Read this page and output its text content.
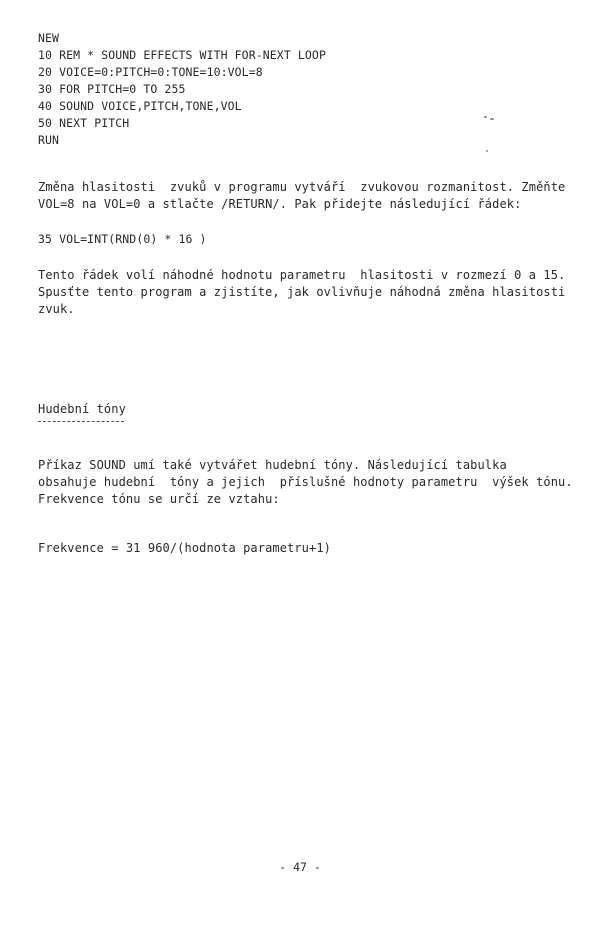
NEW
10 REM * SOUND EFFECTS WITH FOR-NEXT LOOP
20 VOICE=0:PITCH=0:TONE=10:VOL=8
30 FOR PITCH=0 TO 255
40 SOUND VOICE,PITCH,TONE,VOL
50 NEXT PITCH
RUN
Změna hlasitosti  zvuků v programu vytváří  zvukovou rozmanitost. Změňte
VOL=8 na VOL=0 a stlačte /RETURN/. Pak přidejte následující řádek:
35 VOL=INT(RND(0) * 16 )
Tento řádek volí náhodné hodnotu parametru  hlasitosti v rozmezí 0 a 15.
Spusťte tento program a zjistíte, jak ovlivňuje náhodná změna hlasitosti
zvuk.
Hudební tóny
Příkaz SOUND umí také vytvářet hudební tóny. Následující tabulka
obsahuje hudební  tóny a jejich  příslušné hodnoty parametru  výšek tónu.
Frekvence tónu se určí ze vztahu:
Frekvence = 31 960/(hodnota parametru+1)
- 47 -
